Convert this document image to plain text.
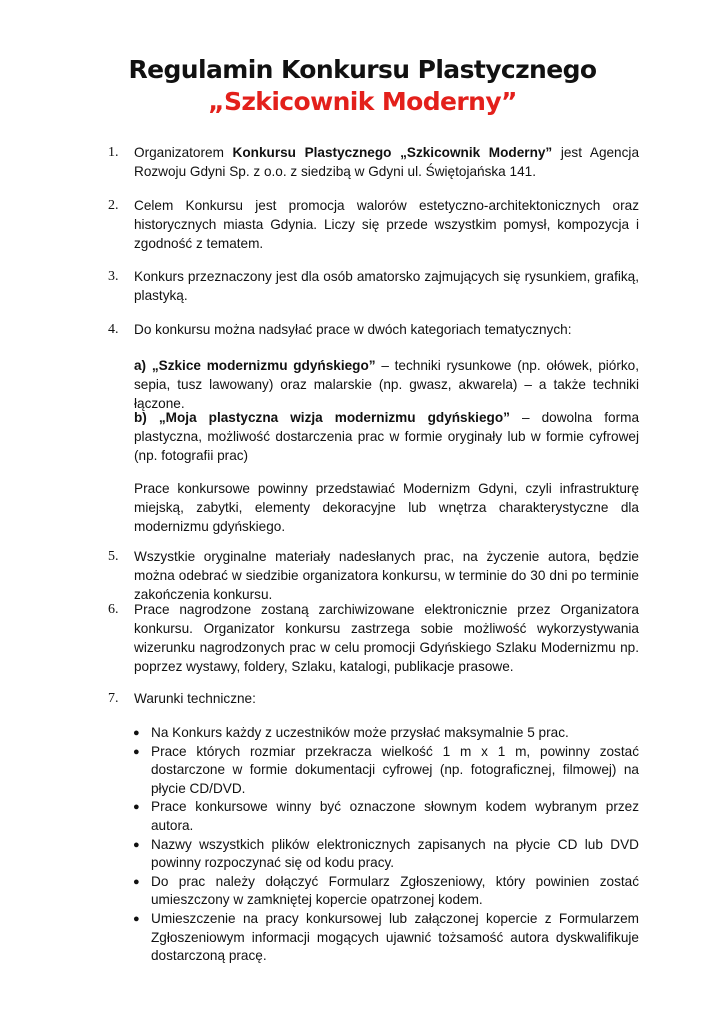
Regulamin Konkursu Plastycznego
„Szkicownik Moderny”
1. Organizatorem Konkursu Plastycznego „Szkicownik Moderny” jest Agencja Rozwoju Gdyni Sp. z o.o. z siedzibą w Gdyni ul. Świętojańska 141.
2. Celem Konkursu jest promocja walorów estetyczno-architektonicznych oraz historycznych miasta Gdynia. Liczy się przede wszystkim pomysł, kompozycja i zgodność z tematem.
3. Konkurs przeznaczony jest dla osób amatorsko zajmujących się rysunkiem, grafiką, plastyką.
4. Do konkursu można nadsyłać prace w dwóch kategoriach tematycznych:
a) „Szkice modernizmu gdyńskiego” – techniki rysunkowe (np. ołówek, piórko, sepia, tusz lawowany) oraz malarskie (np. gwasz, akwarela) – a także techniki łączone.
b) „Moja plastyczna wizja modernizmu gdyńskiego” – dowolna forma plastyczna, możliwość dostarczenia prac w formie oryginały lub w formie cyfrowej (np. fotografii prac)
Prace konkursowe powinny przedstawiać Modernizm Gdyni, czyli infrastrukturę miejską, zabytki, elementy dekoracyjne lub wnętrza charakterystyczne dla modernizmu gdyńskiego.
5. Wszystkie oryginalne materiały nadesłanych prac, na życzenie autora, będzie można odebrać w siedzibie organizatora konkursu, w terminie do 30 dni po terminie zakończenia konkursu.
6. Prace nagrodzone zostaną zarchiwizowane elektronicznie przez Organizatora konkursu. Organizator konkursu zastrzega sobie możliwość wykorzystywania wizerunku nagrodzonych prac w celu promocji Gdyńskiego Szlaku Modernizmu np. poprzez wystawy, foldery, Szlaku, katalogi, publikacje prasowe.
7. Warunki techniczne:
● Na Konkurs każdy z uczestników może przysłać maksymalnie 5 prac.
● Prace których rozmiar przekracza wielkość 1 m x 1 m, powinny zostać dostarczone w formie dokumentacji cyfrowej (np. fotograficznej, filmowej) na płycie CD/DVD.
● Prace konkursowe winny być oznaczone słownym kodem wybranym przez autora.
● Nazwy wszystkich plików elektronicznych zapisanych na płycie CD lub DVD powinny rozpoczynać się od kodu pracy.
● Do prac należy dołączyć Formularz Zgłoszeniowy, który powinien zostać umieszczony w zamkniętej kopercie opatrzonej kodem.
● Umieszczenie na pracy konkursowej lub załączonej kopercie z Formularzem Zgłoszeniowym informacji mogących ujawnić tożsamość autora dyskwalifikuje dostarczoną pracę.
